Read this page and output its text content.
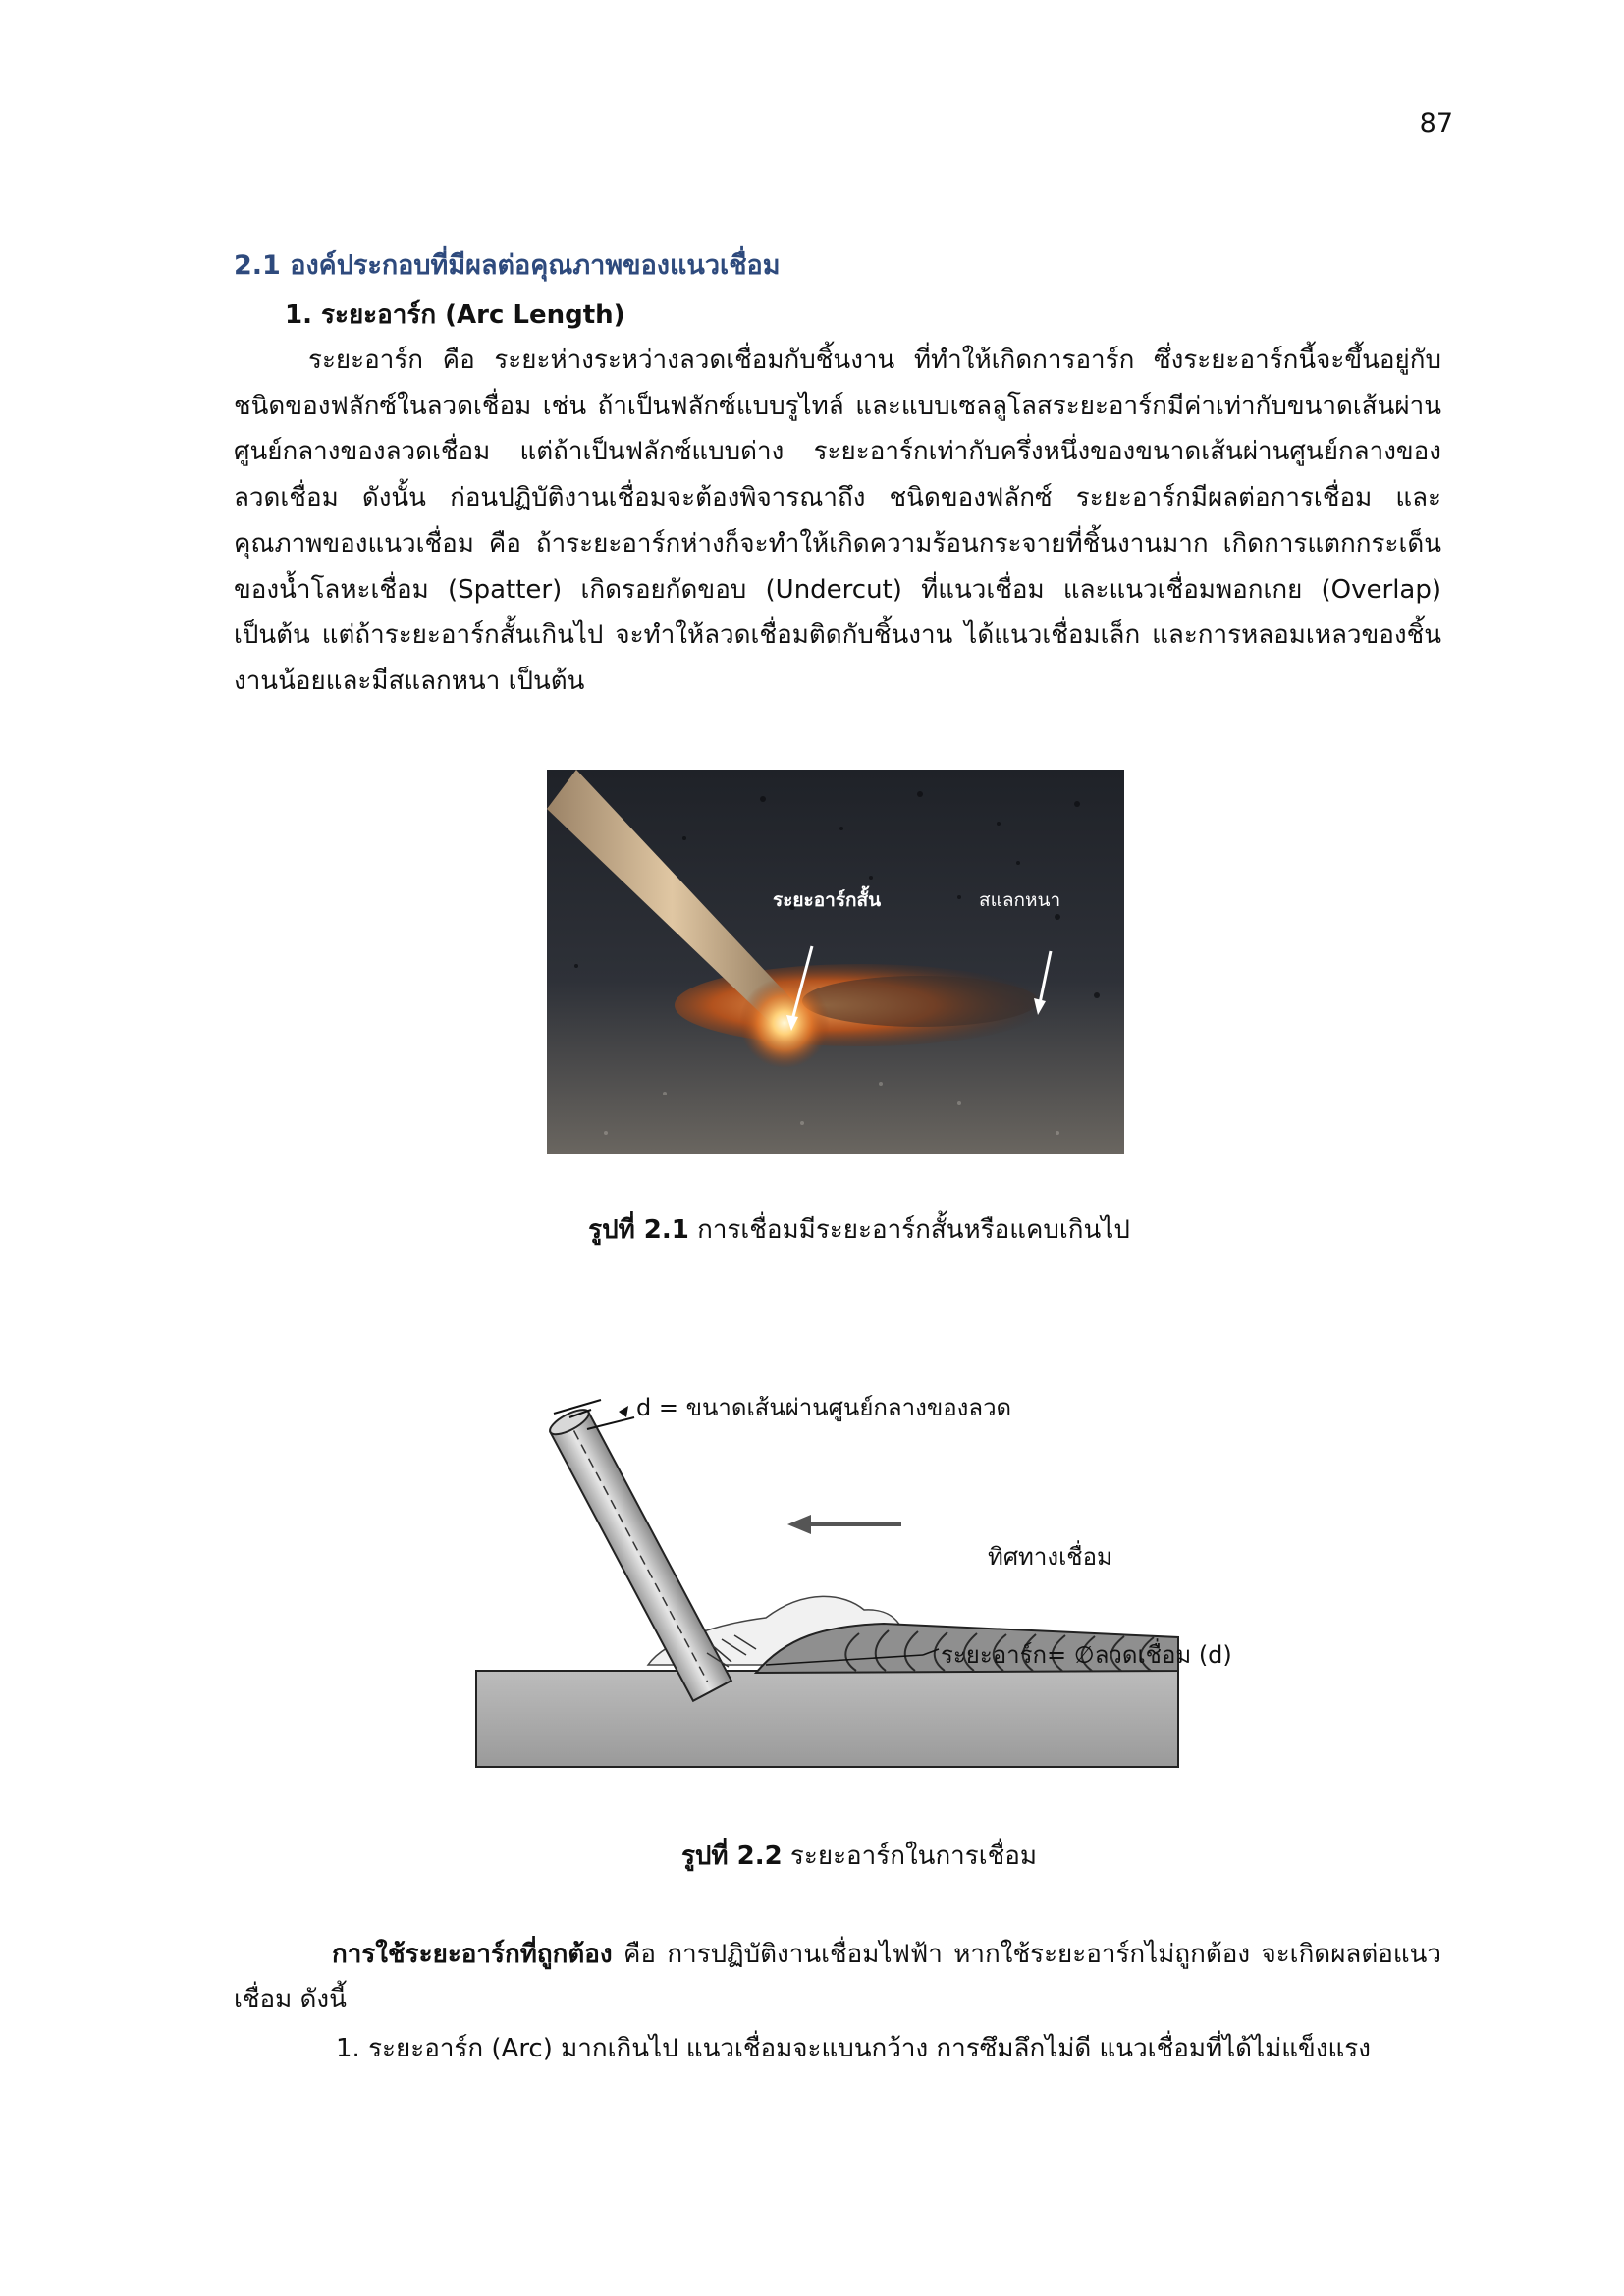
87
2.1 องค์ประกอบที่มีผลต่อคุณภาพของแนวเชื่อม
1. ระยะอาร์ก (Arc Length)

ระยะอาร์ก คือ ระยะห่างระหว่างลวดเชื่อมกับชิ้นงาน ที่ทำให้เกิดการอาร์ก ซึ่งระยะอาร์กนี้จะขึ้นอยู่กับชนิดของฟลักซ์ในลวดเชื่อม เช่น ถ้าเป็นฟลักซ์แบบรูไทล์ และแบบเซลลูโลสระยะอาร์กมีค่าเท่ากับขนาดเส้นผ่านศูนย์กลางของลวดเชื่อม แต่ถ้าเป็นฟลักซ์แบบด่าง ระยะอาร์กเท่ากับครึ่งหนึ่งของขนาดเส้นผ่านศูนย์กลางของลวดเชื่อม ดังนั้น ก่อนปฏิบัติงานเชื่อมจะต้องพิจารณาถึง ชนิดของฟลักซ์ ระยะอาร์กมีผลต่อการเชื่อม และคุณภาพของแนวเชื่อม คือ ถ้าระยะอาร์กห่างก็จะทำให้เกิดความร้อนกระจายที่ชิ้นงานมาก เกิดการแตกกระเด็นของน้ำโลหะเชื่อม (Spatter) เกิดรอยกัดขอบ (Undercut) ที่แนวเชื่อม และแนวเชื่อมพอกเกย (Overlap) เป็นต้น แต่ถ้าระยะอาร์กสั้นเกินไป จะทำให้ลวดเชื่อมติดกับชิ้นงาน ได้แนวเชื่อมเล็ก และการหลอมเหลวของชิ้นงานน้อยและมีสแลกหนา เป็นต้น

ระยะอาร์กสั้น	สแลกหนา
รูปที่ 2.1 การเชื่อมมีระยะอาร์กสั้นหรือแคบเกินไป
d = ขนาดเส้นผ่านศูนย์กลางของลวด
ทิศทางเชื่อม
ระยะอาร์ก= ∅ลวดเชื่อม (d)
รูปที่ 2.2 ระยะอาร์กในการเชื่อม

การใช้ระยะอาร์กที่ถูกต้อง คือ การปฏิบัติงานเชื่อมไฟฟ้า หากใช้ระยะอาร์กไม่ถูกต้อง จะเกิดผลต่อแนวเชื่อม ดังนี้

1. ระยะอาร์ก (Arc) มากเกินไป แนวเชื่อมจะแบนกว้าง การซึมลึกไม่ดี แนวเชื่อมที่ได้ไม่แข็งแรง
